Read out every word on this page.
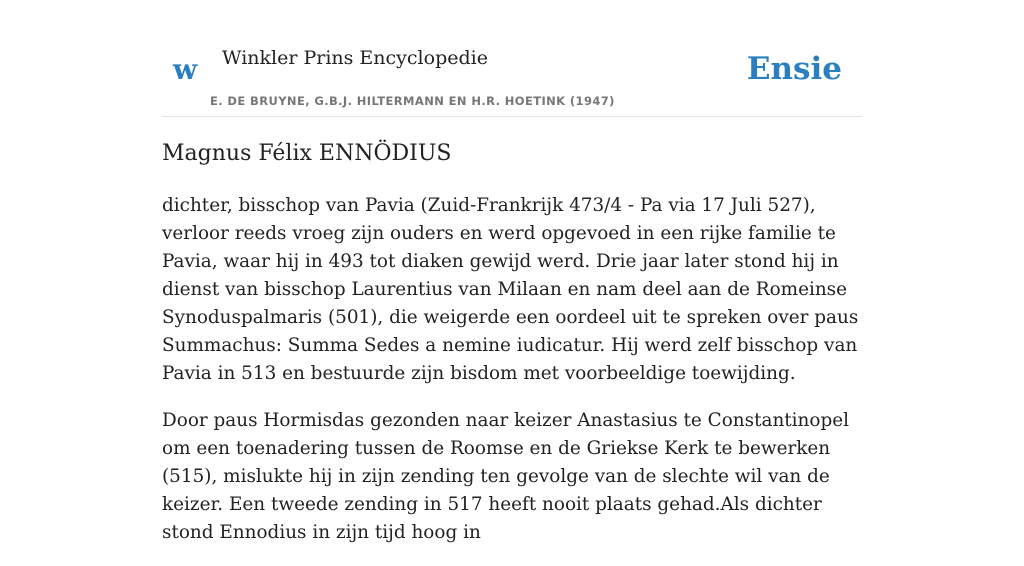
w Winkler Prins Encyclopedie
E. DE BRUYNE, G.B.J. HILTERMANN EN H.R. HOETINK (1947)
Ensie
Magnus Félix ENNÖDIUS

dichter, bisschop van Pavia (Zuid-Frankrijk 473/4 - Pa via 17 Juli 527), verloor reeds vroeg zijn ouders en werd opgevoed in een rijke familie te Pavia, waar hij in 493 tot diaken gewijd werd. Drie jaar later stond hij in dienst van bisschop Laurentius van Milaan en nam deel aan de Romeinse Synoduspalmaris (501), die weigerde een oordeel uit te spreken over paus Summachus: Summa Sedes a nemine iudicatur. Hij werd zelf bisschop van Pavia in 513 en bestuurde zijn bisdom met voorbeeldige toewijding.

Door paus Hormisdas gezonden naar keizer Anastasius te Constantinopel om een toenadering tussen de Roomse en de Griekse Kerk te bewerken (515), mislukte hij in zijn zending ten gevolge van de slechte wil van de keizer. Een tweede zending in 517 heeft nooit plaats gehad.Als dichter stond Ennodius in zijn tijd hoog in
